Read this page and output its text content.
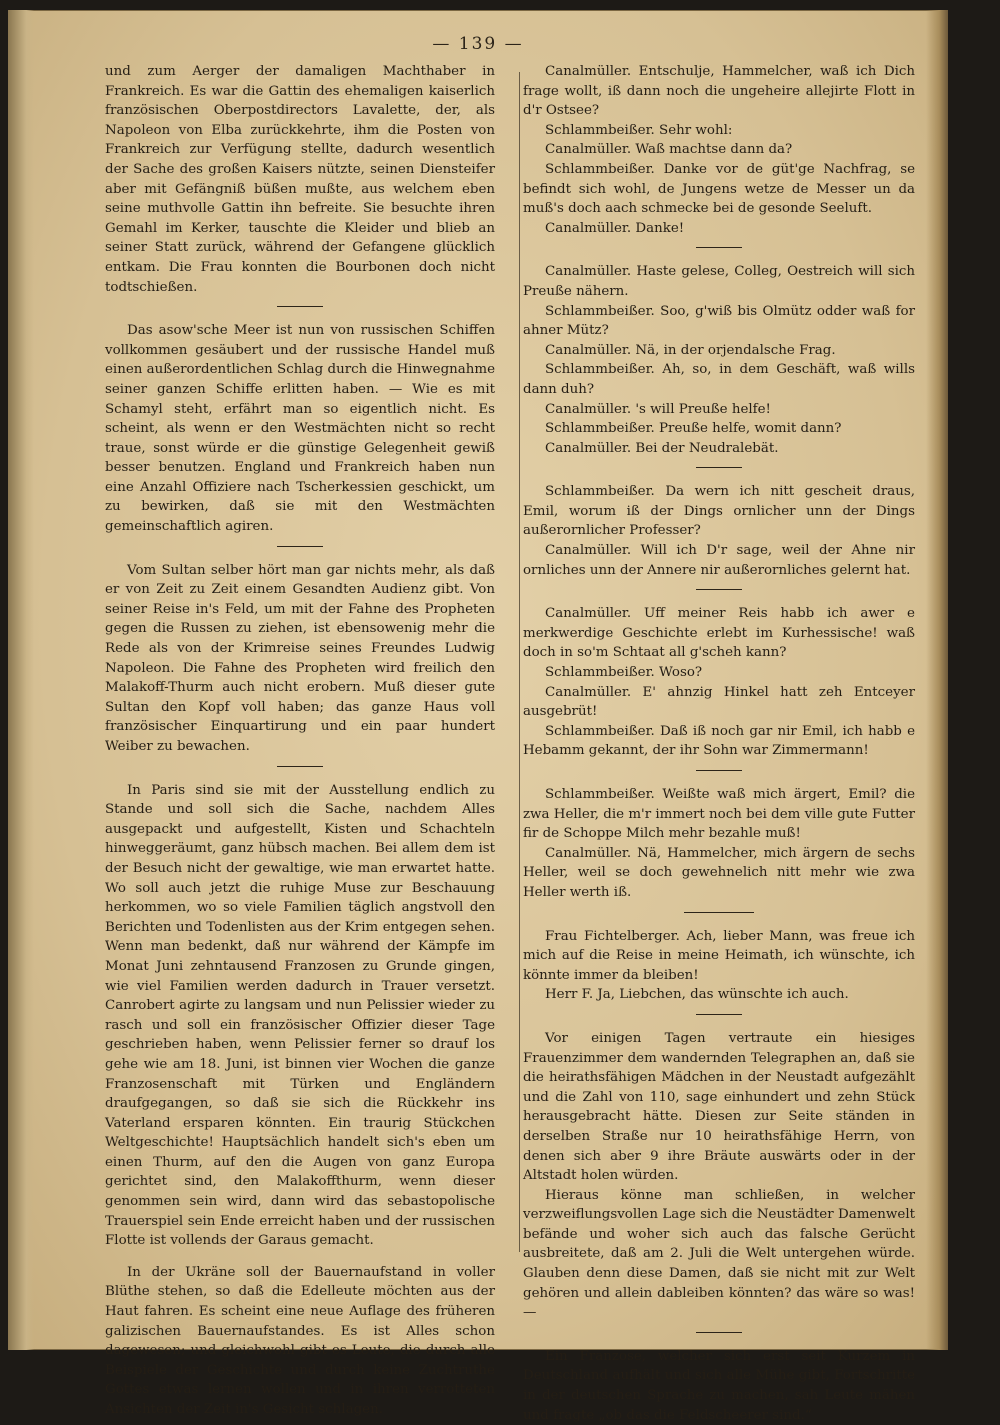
— 139 —

und zum Aerger der damaligen Machthaber in Frankreich. Es war die Gattin des ehemaligen kaiserlich französischen Oberpostdirectors Lavalette, der, als Napoleon von Elba zurückkehrte, ihm die Posten von Frankreich zur Verfügung stellte, dadurch wesentlich der Sache des großen Kaisers nützte, seinen Diensteifer aber mit Gefängniß büßen mußte, aus welchem eben seine muthvolle Gattin ihn befreite. Sie besuchte ihren Gemahl im Kerker, tauschte die Kleider und blieb an seiner Statt zurück, während der Gefangene glücklich entkam. Die Frau konnten die Bourbonen doch nicht todtschießen.

Das asow'sche Meer ist nun von russischen Schiffen vollkommen gesäubert und der russische Handel muß einen außerordentlichen Schlag durch die Hinwegnahme seiner ganzen Schiffe erlitten haben. — Wie es mit Schamyl steht, erfährt man so eigentlich nicht. Es scheint, als wenn er den Westmächten nicht so recht traue, sonst würde er die günstige Gelegenheit gewiß besser benutzen. England und Frankreich haben nun eine Anzahl Offiziere nach Tscherkessien geschickt, um zu bewirken, daß sie mit den Westmächten gemeinschaftlich agiren.

Vom Sultan selber hört man gar nichts mehr, als daß er von Zeit zu Zeit einem Gesandten Audienz gibt. Von seiner Reise in's Feld, um mit der Fahne des Propheten gegen die Russen zu ziehen, ist ebensowenig mehr die Rede als von der Krimreise seines Freundes Ludwig Napoleon. Die Fahne des Propheten wird freilich den Malakoff-Thurm auch nicht erobern. Muß dieser gute Sultan den Kopf voll haben; das ganze Haus voll französischer Einquartirung und ein paar hundert Weiber zu bewachen.

In Paris sind sie mit der Ausstellung endlich zu Stande und soll sich die Sache, nachdem Alles ausgepackt und aufgestellt, Kisten und Schachteln hinweggeräumt, ganz hübsch machen. Bei allem dem ist der Besuch nicht der gewaltige, wie man erwartet hatte. Wo soll auch jetzt die ruhige Muse zur Beschauung herkommen, wo so viele Familien täglich angstvoll den Berichten und Todenlisten aus der Krim entgegen sehen. Wenn man bedenkt, daß nur während der Kämpfe im Monat Juni zehntausend Franzosen zu Grunde gingen, wie viel Familien werden dadurch in Trauer versetzt. Canrobert agirte zu langsam und nun Pelissier wieder zu rasch und soll ein französischer Offizier dieser Tage geschrieben haben, wenn Pelissier ferner so drauf los gehe wie am 18. Juni, ist binnen vier Wochen die ganze Franzosenschaft mit Türken und Engländern draufgegangen, so daß sie sich die Rückkehr ins Vaterland ersparen könnten. Ein traurig Stückchen Weltgeschichte! Hauptsächlich handelt sich's eben um einen Thurm, auf den die Augen von ganz Europa gerichtet sind, den Malakoffthurm, wenn dieser genommen sein wird, dann wird das sebastopolische Trauerspiel sein Ende erreicht haben und der russischen Flotte ist vollends der Garaus gemacht.

In der Ukräne soll der Bauernaufstand in voller Blüthe stehen, so daß die Edelleute möchten aus der Haut fahren. Es scheint eine neue Auflage des früheren galizischen Bauernaufstandes. Es ist Alles schon dagewesen; und gleichwohl gibt es Leute, die durch alle Beispiele der Geschichte und durch keine Zuchtruthe Gottes etwas lernen wollen und in ihren verrotteten Ansichten der Zeit in's Gesicht schlagen.

Canalmüller. Entschulje, Hammelcher, waß ich Dich frage wollt, iß dann noch die ungeheire allejirte Flott in d'r Ostsee?

Schlammbeißer. Sehr wohl:

Canalmüller. Waß machtse dann da?

Schlammbeißer. Danke vor de güt'ge Nachfrag, se befindt sich wohl, de Jungens wetze de Messer un da muß's doch aach schmecke bei de gesonde Seeluft.

Canalmüller. Danke!

Canalmüller. Haste gelese, Colleg, Oestreich will sich Preuße nähern.

Schlammbeißer. Soo, g'wiß bis Olmütz odder waß for ahner Mütz?

Canalmüller. Nä, in der orjendalsche Frag.

Schlammbeißer. Ah, so, in dem Geschäft, waß wills dann duh?

Canalmüller. 's will Preuße helfe!

Schlammbeißer. Preuße helfe, womit dann?

Canalmüller. Bei der Neudralebät.

Schlammbeißer. Da wern ich nitt gescheit draus, Emil, worum iß der Dings ornlicher unn der Dings außerornlicher Professer?

Canalmüller. Will ich D'r sage, weil der Ahne nir ornliches unn der Annere nir außerornliches gelernt hat.

Canalmüller. Uff meiner Reis habb ich awer e merkwerdige Geschichte erlebt im Kurhessische! waß doch in so'm Schtaat all g'scheh kann?

Schlammbeißer. Woso?

Canalmüller. E' ahnzig Hinkel hatt zeh Entceyer ausgebrüt!

Schlammbeißer. Daß iß noch gar nir Emil, ich habb e Hebamm gekannt, der ihr Sohn war Zimmermann!

Schlammbeißer. Weißte waß mich ärgert, Emil? die zwa Heller, die m'r immert noch bei dem ville gute Futter fir de Schoppe Milch mehr bezahle muß!

Canalmüller. Nä, Hammelcher, mich ärgern de sechs Heller, weil se doch gewehnelich nitt mehr wie zwa Heller werth iß.

Frau Fichtelberger. Ach, lieber Mann, was freue ich mich auf die Reise in meine Heimath, ich wünschte, ich könnte immer da bleiben!

Herr F. Ja, Liebchen, das wünschte ich auch.

Vor einigen Tagen vertraute ein hiesiges Frauenzimmer dem wandernden Telegraphen an, daß sie die heirathsfähigen Mädchen in der Neustadt aufgezählt und die Zahl von 110, sage einhundert und zehn Stück herausgebracht hätte. Diesen zur Seite ständen in derselben Straße nur 10 heirathsfähige Herrn, von denen sich aber 9 ihre Bräute auswärts oder in der Altstadt holen würden.

Hieraus könne man schließen, in welcher verzweiflungsvollen Lage sich die Neustädter Damenwelt befände und woher sich auch das falsche Gerücht ausbreitete, daß am 2. Juli die Welt untergehen würde. Glauben denn diese Damen, daß sie nicht mit zur Welt gehören und allein dableiben könnten? das wäre so was! —

Ein Franzose, welcher sich erst seit Kurzem in Deutschland aufhält und sich alle Mühe gibt, Fortschritte in der deutschen Sprache zu machen, sah Leute mähen und fragte „ob das die Feldscheerer sind.“
